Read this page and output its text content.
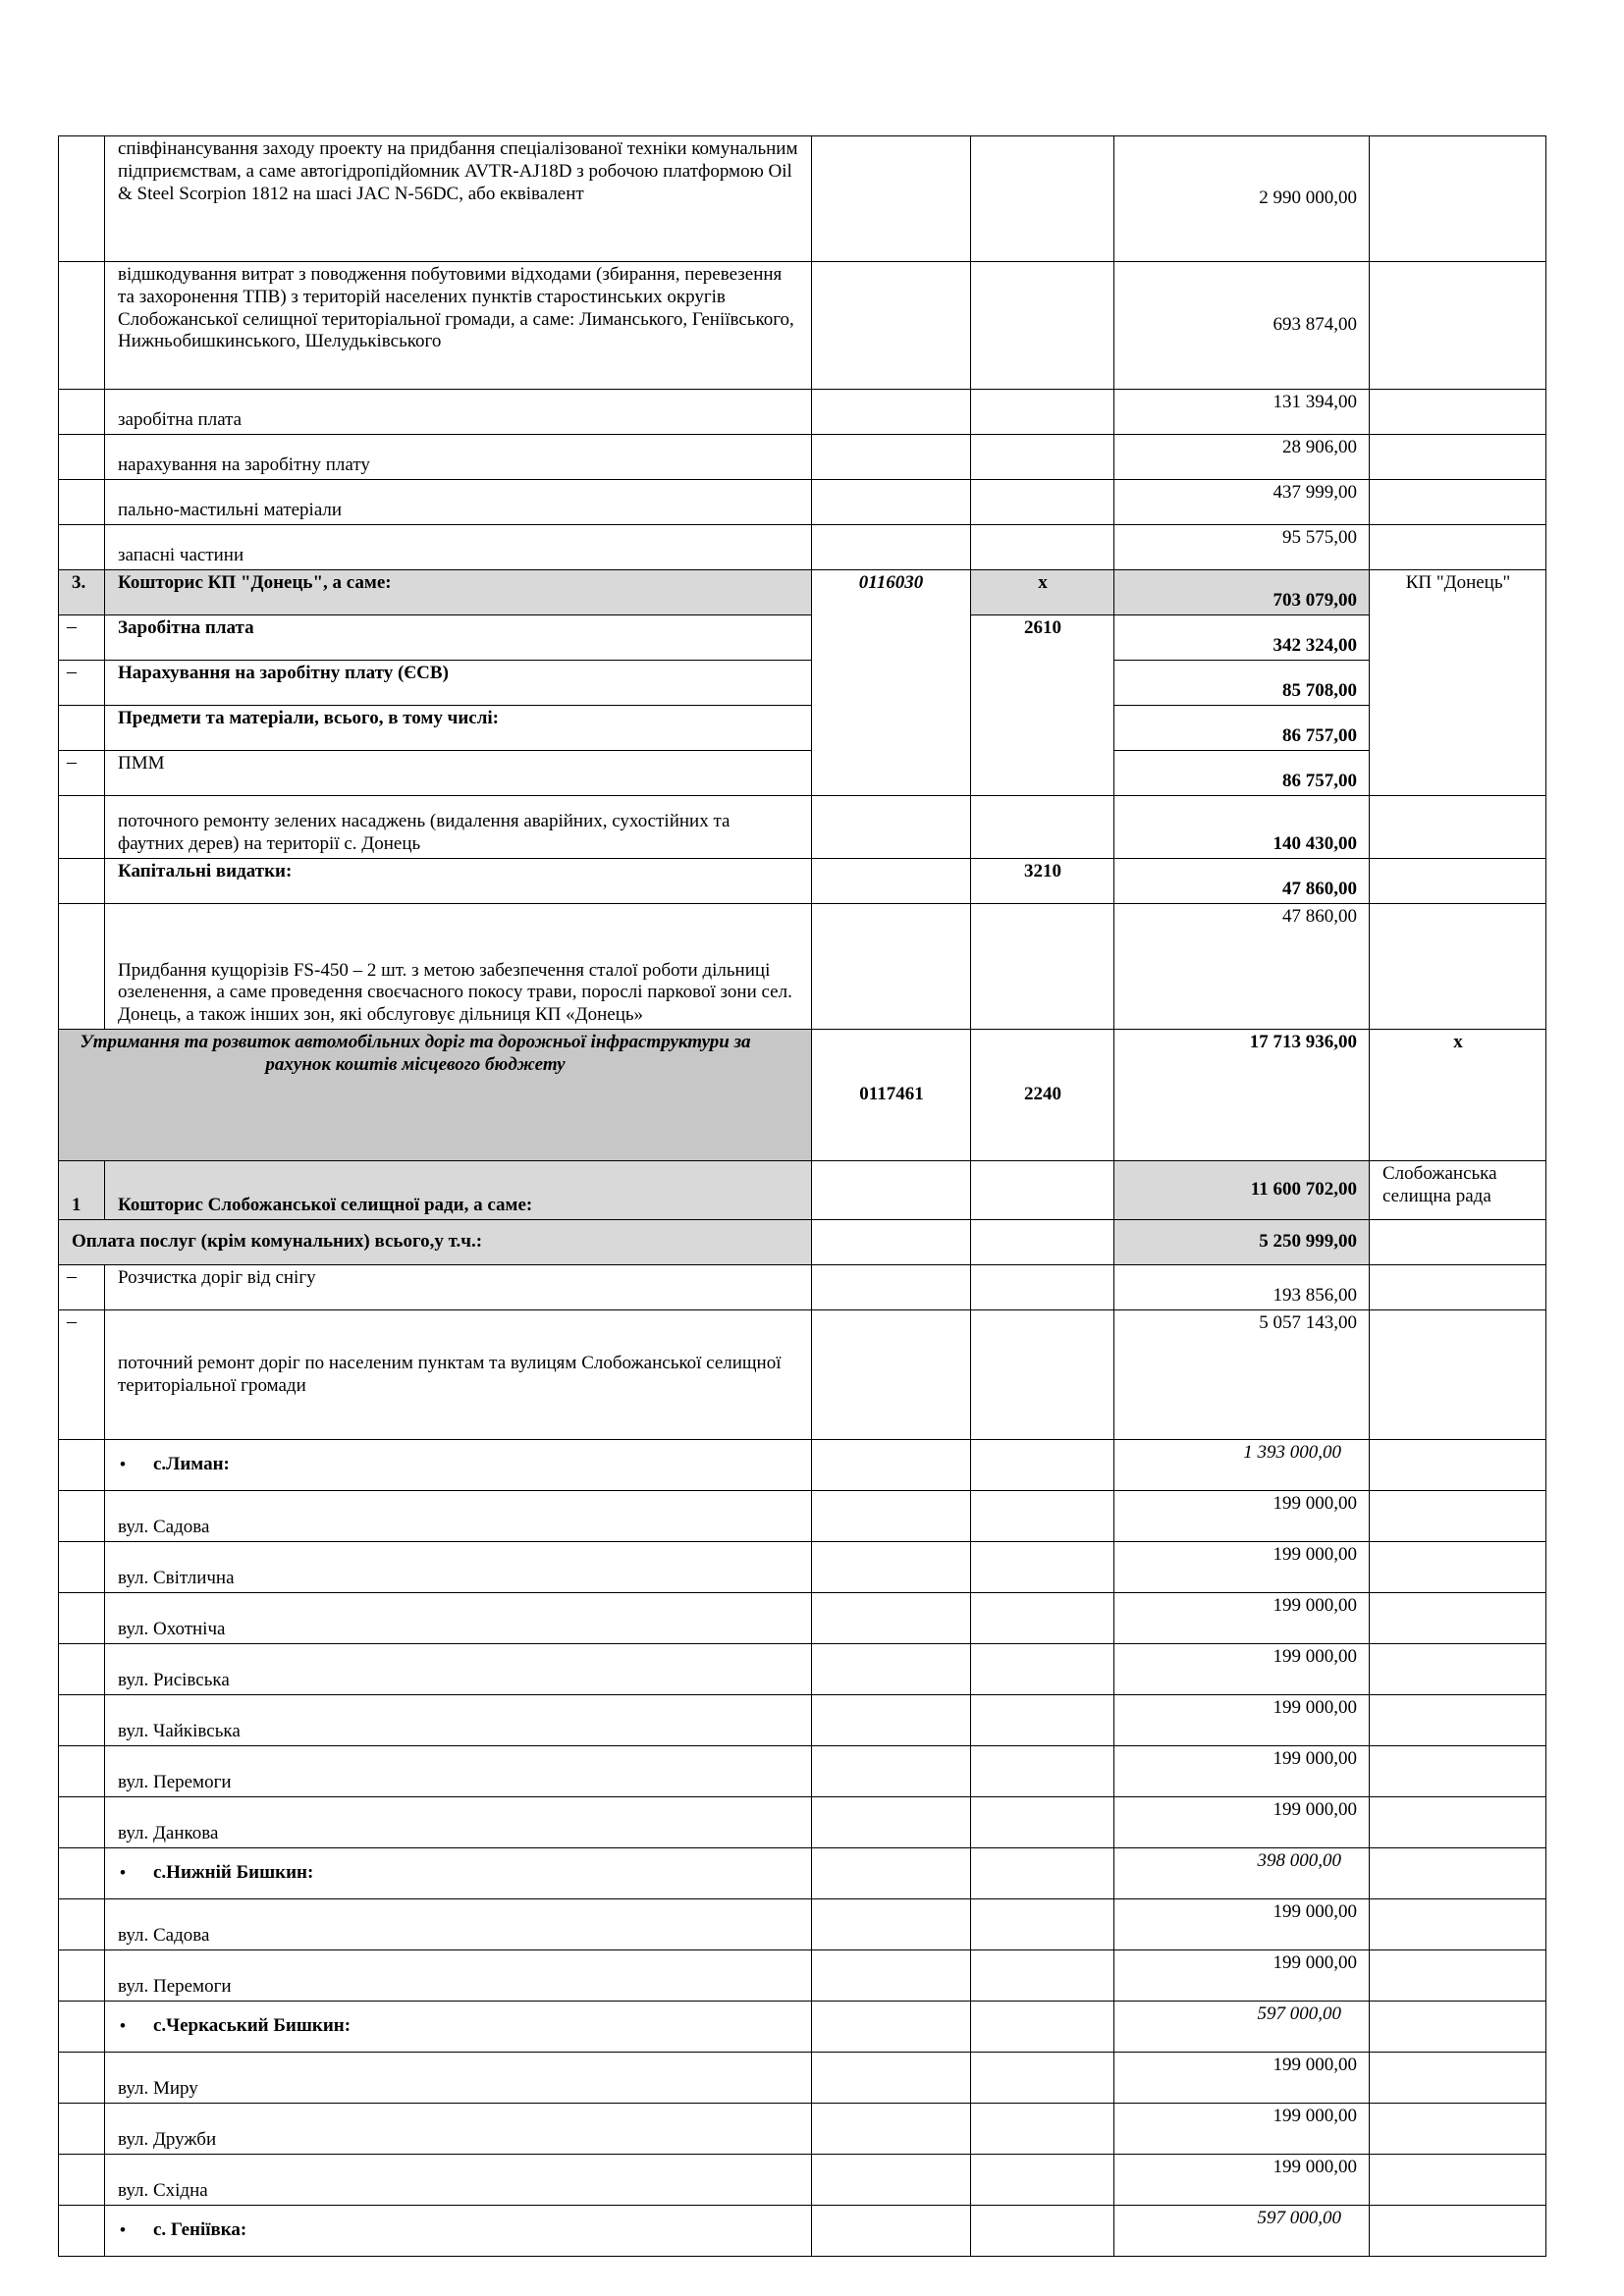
	співфінансування заходу проекту на придбання спеціалізованої техніки комунальним підприємствам, а саме автогідропідйомник AVTR-AJ18D з робочою платформою Oil & Steel Scorpion 1812 на шасі JAC N-56DC, або еквівалент			2 990 000,00	
	відшкодування витрат з поводження побутовими відходами (збирання, перевезення та захоронення ТПВ) з територій населених пунктів старостинських округів Слобожанської селищної територіальної громади, а саме: Лиманського, Геніївського, Нижньобишкинського, Шелудьківського			693 874,00	
	заробітна плата			131 394,00	
	нарахування на заробітну плату			28 906,00	
	пально-мастильні матеріали			437 999,00	
	запасні частини			95 575,00	
3.	Кошторис КП "Донець", а саме:	0116030	х	703 079,00	КП "Донець"
–	Заробітна плата		2610	342 324,00	
–	Нарахування на заробітну плату (ЄСВ)			85 708,00	
	Предмети та матеріали, всього, в тому числі:			86 757,00	
–	ПММ			86 757,00	
	поточного ремонту зелених насаджень (видалення аварійних, сухостійних та фаутних дерев) на території с. Донець			140 430,00	
	Капітальні видатки:		3210	47 860,00	
	Придбання кущорізів FS-450 – 2 шт. з метою забезпечення сталої роботи дільниці озеленення, а саме проведення своєчасного покосу трави, порослі паркової зони сел. Донець, а також інших зон, які обслуговує дільниця КП «Донець»			47 860,00	
Утримання та розвиток автомобільних доріг та дорожньої інфраструктури за рахунок коштів місцевого бюджету		0117461	2240	17 713 936,00	х
1	Кошторис Слобожанської селищної ради, а саме:			11 600 702,00	Слобожанська селищна рада
Оплата послуг (крім комунальних) всього,у т.ч.:				5 250 999,00	
–	Розчистка доріг від снігу			193 856,00	
–	поточний ремонт доріг по населеним пунктам та вулицям Слобожанської селищної територіальної громади			5 057 143,00	
	• с.Лиман:			1 393 000,00	
	вул. Садова			199 000,00	
	вул. Світлична			199 000,00	
	вул. Охотніча			199 000,00	
	вул. Рисівська			199 000,00	
	вул. Чайківська			199 000,00	
	вул. Перемоги			199 000,00	
	вул. Данкова			199 000,00	
	• с.Нижній Бишкин:			398 000,00	
	вул. Садова			199 000,00	
	вул. Перемоги			199 000,00	
	• с.Черкаський Бишкин:			597 000,00	
	вул. Миру			199 000,00	
	вул. Дружби			199 000,00	
	вул. Східна			199 000,00	
	• с. Геніївка:			597 000,00	
